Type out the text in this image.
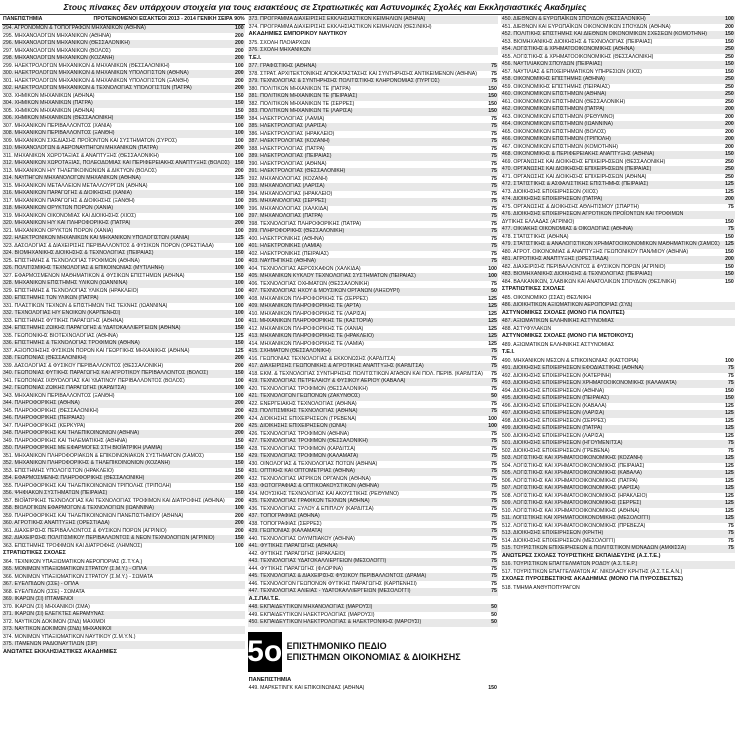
Στους πίνακες δεν υπάρχουν στοιχεία για τους εισακτέους σε Στρατιωτικές και Αστυνομικές Σχολές και Εκκλησιαστικές Ακαδημίες
ΠΑΝΕΠΙΣΤΗΜΙΑ	ΠΡΟΤΕΙΝΟΜΕΝΟΙ ΕΙΣΑΚΤΕΟΙ 2013 - 2014 ΓΕΝΙΚΗ ΣΕΙΡΑ 90%
294. ΑΓΡΟΝΟΜΩΝ & ΤΟΠΟΓΡΑΦΩΝ ΜΗΧΑΝΙΚΩΝ (ΑΘΗΝΑ)	100
295. ΜΗΧΑΝΟΛΟΓΩΝ ΜΗΧΑΝΙΚΩΝ (ΑΘΗΝΑ)	200
296. ΜΗΧΑΝΟΛΟΓΩΝ ΜΗΧΑΝΙΚΩΝ (ΘΕΣΣΑΛΟΝΙΚΗ)	200
297. ΜΗΧΑΝΟΛΟΓΩΝ ΜΗΧΑΝΙΚΩΝ (ΒΟΛΟΣ)	200
298. ΜΗΧΑΝΟΛΟΓΩΝ ΜΗΧΑΝΙΚΩΝ (ΚΟΖΑΝΗ)	200
299. ΗΛΕΚΤΡΟΛΟΓΩΝ ΜΗΧΑΝΙΚΩΝ & ΜΗΧΑΝΙΚΩΝ (ΘΕΣΣΑΛΟΝΙΚΗ)	100
300. ΗΛΕΚΤΡΟΛΟΓΩΝ ΜΗΧΑΝΙΚΩΝ & ΜΗΧΑΝΙΚΩΝ ΥΠΟΛΟΓΙΣΤΩΝ (ΑΘΗΝΑ)	200
301. ΗΛΕΚΤΡΟΛΟΓΩΝ ΜΗΧΑΝΙΚΩΝ & ΜΗΧΑΝΙΚΩΝ ΥΠΟΛΟΓΙΣΤΩΝ (ΞΑΝΘΗ)	200
302. ΗΛΕΚΤΡΟΛΟΓΩΝ ΜΗΧΑΝΙΚΩΝ & ΤΕΧΝΟΛΟΓΙΑΣ ΥΠΟΛΟΓΙΣΤΩΝ (ΠΑΤΡΑ)	200
303. ΧΗΜΙΚΩΝ ΜΗΧΑΝΙΚΩΝ (ΑΘΗΝΑ)	150
304. ΧΗΜΙΚΩΝ ΜΗΧΑΝΙΚΩΝ (ΠΑΤΡΑ)	150
305. ΧΗΜΙΚΩΝ ΜΗΧΑΝΙΚΩΝ (ΑΘΗΝΑ)	150
306. ΧΗΜΙΚΩΝ ΜΗΧΑΝΙΚΩΝ (ΘΕΣΣΑΛΟΝΙΚΗ)	150
307. ΜΗΧΑΝΙΚΩΝ ΠΕΡΙΒΑΛΛΟΝΤΟΣ (ΧΑΝΙΑ)	100
308. ΜΗΧΑΝΙΚΩΝ ΠΕΡΙΒΑΛΛΟΝΤΟΣ (ΞΑΝΘΗ)	100
309. ΜΗΧΑΝΙΚΩΝ ΣΧΕΔΙΑΣΗΣ ΠΡΟΪΟΝΤΩΝ ΚΑΙ ΣΥΣΤΗΜΑΤΩΝ (ΣΥΡΟΣ)	100
310. ΜΗΧΑΝΟΛΟΓΩΝ & ΑΕΡΟΝΑΥΠΗΓΩΝ ΜΗΧΑΝΙΚΩΝ (ΠΑΤΡΑ)	200
311. ΜΗΧΑΝΙΚΩΝ ΧΩΡΟΤΑΞΙΑΣ & ΑΝΑΠΤΥΞΗΣ (ΘΕΣΣΑΛΟΝΙΚΗ)	100
312. ΜΗΧΑΝΙΚΩΝ ΧΩΡΟΤΑΞΙΑΣ, ΠΟΛΕΟΔΟΜΙΑΣ ΚΑΙ ΠΕΡΙΦΕΡΕΙΑΚΗΣ ΑΝΑΠΤΥΞΗΣ (ΒΟΛΟΣ)	150
313. ΜΗΧΑΝΙΚΩΝ Η/Υ ΤΗΛΕΠΙΚΟΙΝΩΝΙΩΝ & ΔΙΚΤΥΩΝ (ΒΟΛΟΣ)	200
314. ΝΑΥΠΗΓΩΝ ΜΗΧΑΝΟΛΟΓΩΝ ΜΗΧΑΝΙΚΩΝ (ΑΘΗΝΑ)	125
315. ΜΗΧΑΝΙΚΩΝ ΜΕΤΑΛΛΕΙΩΝ ΜΕΤΑΛΛΟΥΡΓΩΝ (ΑΘΗΝΑ)	100
316. ΜΗΧΑΝΙΚΩΝ ΠΑΡΑΓΩΓΗΣ & ΔΙΟΙΚΗΣΗΣ (ΧΑΝΙΑ)	150
317. ΜΗΧΑΝΙΚΩΝ ΠΑΡΑΓΩΓΗΣ & ΔΙΟΙΚΗΣΗΣ (ΞΑΝΘΗ)	100
318. ΜΗΧΑΝΙΚΩΝ ΟΡΥΚΤΩΝ ΠΟΡΩΝ (ΧΑΝΙΑ)	100
319. ΜΗΧΑΝΙΚΩΝ ΟΙΚΟΝΟΜΙΑΣ ΚΑΙ ΔΙΟΙΚΗΣΗΣ (ΧΙΟΣ)	100
320. ΜΗΧΑΝΙΚΩΝ Η/Υ ΚΑΙ ΠΛΗΡΟΦΟΡΙΚΗΣ (ΠΑΤΡΑ)	200
321. ΜΗΧΑΝΙΚΩΝ ΟΡΥΚΤΩΝ ΠΟΡΩΝ (ΧΑΝΙΑ)	100
322. ΗΛΕΚΤΡΟΝΙΚΩΝ ΜΗΧΑΝΙΚΩΝ ΚΑΙ ΜΗΧΑΝΙΚΩΝ ΥΠΟΛΟΓΙΣΤΩΝ (ΧΑΝΙΑ)	125
323. ΔΑΣΟΛΟΓΙΑΣ & ΔΙΑΧΕΙΡΙΣΗΣ ΠΕΡΙΒΑΛΛΟΝΤΟΣ & ΦΥΣΙΚΩΝ ΠΟΡΩΝ (ΟΡΕΣΤΙΑΔΑ)	100
324. ΒΙΟΜΗΧΑΝΙΚΗΣ ΔΙΟΙΚΗΣΗΣ & ΤΕΧΝΟΛΟΓΙΑΣ (ΠΕΙΡΑΙΑΣ)	150
325. ΕΠΙΣΤΗΜΗΣ & ΤΕΧΝΟΛΟΓΙΑΣ ΤΡΟΦΙΜΩΝ (ΑΘΗΝΑ)	100
326. ΠΟΛΙΤΙΣΜΙΚΗΣ ΤΕΧΝΟΛΟΓΙΑΣ & ΕΠΙΚΟΙΝΩΝΙΑΣ (ΜΥΤΙΛΗΝΗ)	100
327. ΕΦΑΡΜΟΣΜΕΝΩΝ ΜΑΘΗΜΑΤΙΚΩΝ & ΦΥΣΙΚΩΝ ΕΠΙΣΤΗΜΩΝ (ΑΘΗΝΑ)	150
328. ΜΗΧΑΝΙΚΩΝ ΕΠΙΣΤΗΜΗΣ ΥΛΙΚΩΝ (ΙΩΑΝΝΙΝΑ)	100
329. ΕΠΙΣΤΗΜΗΣ & ΤΕΧΝΟΛΟΓΙΑΣ ΥΛΙΚΩΝ (ΗΡΑΚΛΕΙΟ)	100
330. ΕΠΙΣΤΗΜΗΣ ΤΩΝ ΥΛΙΚΩΝ (ΠΑΤΡΑ)	100
331. ΠΛΑΣΤΙΚΩΝ ΤΕΧΝΩΝ & ΕΠΙΣΤΗΜΩΝ ΤΗΣ ΤΕΧΝΗΣ (ΙΩΑΝΝΙΝΑ)	100
332. ΤΕΧΝΟΛΟΓΙΑΣ Η/Υ ΕΝΟΙΚΩΝ (ΚΑΡΠΕΝΗΣΙ)	100
333. ΕΠΙΣΤΗΜΗΣ ΦΥΤΙΚΗΣ ΠΑΡΑΓΩΓΗΣ (ΑΘΗΝΑ)	100
334. ΕΠΙΣΤΗΜΗΣ ΖΩΙΚΗΣ ΠΑΡΑΓΩΓΗΣ & ΥΔΑΤΟΚΑΛΛΙΕΡΓΕΙΩΝ (ΑΘΗΝΑ)	150
335. ΓΕΩΠΟΝΙΚΗΣ ΒΙΟΤΕΧΝΟΛΟΓΙΑΣ (ΑΘΗΝΑ)	125
336. ΕΠΙΣΤΗΜΗΣ & ΤΕΧΝΟΛΟΓΙΑΣ ΤΡΟΦΙΜΩΝ (ΑΘΗΝΑ)	150
337. ΑΞΙΟΠΟΙΗΣΗΣ ΦΥΣΙΚΩΝ ΠΟΡΩΝ ΚΑΙ ΓΕΩΡΓΙΚΗΣ ΜΗΧΑΝΙΚΗΣ (ΑΘΗΝΑ)	125
338. ΓΕΩΠΟΝΙΑΣ (ΘΕΣΣΑΛΟΝΙΚΗ)	200
339. ΔΑΣΟΛΟΓΙΑΣ & ΦΥΣΙΚΟΥ ΠΕΡΙΒΑΛΛΟΝΤΟΣ (ΘΕΣΣΑΛΟΝΙΚΗ)	200
340. ΓΕΩΠΟΝΙΑΣ ΦΥΤΙΚΗΣ ΠΑΡΑΓΩΓΗΣ ΚΑΙ ΑΓΡΟΤΙΚΟΥ ΠΕΡΙΒΑΛΛΟΝΤΟΣ (ΒΟΛΟΣ)	150
341. ΓΕΩΠΟΝΙΑΣ ΙΧΘΥΟΛΟΓΙΑΣ ΚΑΙ ΥΔΑΤΙΝΟΥ ΠΕΡΙΒΑΛΛΟΝΤΟΣ (ΒΟΛΟΣ)	100
342. ΓΕΩΠΟΝΙΑΣ ΖΩΙΚΗΣ ΠΑΡΑΓΩΓΗΣ (ΚΑΡΔΙΤΣΑ)	100
343. ΜΗΧΑΝΙΚΩΝ ΠΕΡΙΒΑΛΛΟΝΤΟΣ (ΞΑΝΘΗ)	100
344. ΠΛΗΡΟΦΟΡΙΚΗΣ (ΑΘΗΝΑ)	200
345. ΠΛΗΡΟΦΟΡΙΚΗΣ (ΘΕΣΣΑΛΟΝΙΚΗ)	200
346. ΠΛΗΡΟΦΟΡΙΚΗΣ (ΠΕΙΡΑΙΑΣ)	200
347. ΠΛΗΡΟΦΟΡΙΚΗΣ (ΚΕΡΚΥΡΑ)	200
348. ΠΛΗΡΟΦΟΡΙΚΗΣ ΚΑΙ ΤΗΛΕΠΙΚΟΙΝΩΝΙΩΝ (ΑΘΗΝΑ)	200
349. ΠΛΗΡΟΦΟΡΙΚΗΣ ΚΑΙ ΤΗΛΕΜΑΤΙΚΗΣ (ΑΘΗΝΑ)	150
350. ΠΛΗΡΟΦΟΡΙΚΗΣ ΜΕ ΕΦΑΡΜΟΓΕΣ ΣΤΗ ΒΙΟΪΑΤΡΙΚΗ (ΛΑΜΙΑ)	150
351. ΜΗΧΑΝΙΚΩΝ ΠΛΗΡΟΦΟΡΙΑΚΩΝ & ΕΠΙΚΟΙΝΩΝΙΑΚΩΝ ΣΥΣΤΗΜΑΤΩΝ (ΣΑΜΟΣ)	150
352. ΜΗΧΑΝΙΚΩΝ ΠΛΗΡΟΦΟΡΙΚΗΣ & ΤΗΛΕΠΙΚΟΙΝΩΝΙΩΝ (ΚΟΖΑΝΗ)	150
353. ΕΠΙΣΤΗΜΗΣ ΥΠΟΛΟΓΙΣΤΩΝ (ΗΡΑΚΛΕΙΟ)	150
354. ΕΦΑΡΜΟΣΜΕΝΗΣ ΠΛΗΡΟΦΟΡΙΚΗΣ (ΘΕΣΣΑΛΟΝΙΚΗ)	200
355. ΠΛΗΡΟΦΟΡΙΚΗΣ ΚΑΙ ΤΗΛΕΠΙΚΟΙΝΩΝΙΩΝ ΤΡΙΠΟΛΗΣ (ΤΡΙΠΟΛΗ)	150
356. ΨΗΦΙΑΚΩΝ ΣΥΣΤΗΜΑΤΩΝ (ΠΕΙΡΑΙΑΣ)	150
357. ΒΙΟΪΑΤΡΙΚΗΣ ΤΕΧΝΟΛΟΓΙΑΣ ΚΑΙ ΤΕΧΝΟΛΟΓΙΑΣ ΤΡΟΦΙΜΩΝ ΚΑΙ ΔΙΑΤΡΟΦΗΣ (ΑΘΗΝΑ)	200
358. ΒΙΟΛΟΓΙΚΩΝ ΕΦΑΡΜΟΓΩΝ & ΤΕΧΝΟΛΟΓΙΩΝ (ΙΩΑΝΝΙΝΑ)	100
359. ΠΛΗΡΟΦΟΡΙΚΗΣ ΚΑΙ ΤΗΛΕΠΙΚΟΙΝΩΝΙΩΝ ΠΑΝΕΠΙΣΤΗΜΙΟΥ (ΑΘΗΝΑ)	200
360. ΑΓΡΟΤΙΚΗΣ ΑΝΑΠΤΥΞΗΣ (ΟΡΕΣΤΙΑΔΑ)	200
361. ΔΙΑΧΕΙΡΙΣΗΣ ΠΕΡΙΒΑΛΛΟΝΤΟΣ & ΦΥΣΙΚΩΝ ΠΟΡΩΝ (ΑΓΡΙΝΙΟ)	200
362. ΔΙΑΧΕΙΡΙΣΗΣ ΠΟΛΙΤΙΣΜΙΚΟΥ ΠΕΡΙΒΑΛΛΟΝΤΟΣ & ΝΕΩΝ ΤΕΧΝΟΛΟΓΙΩΝ (ΑΓΡΙΝΙΟ)	150
363. ΕΠΙΣΤΗΜΗΣ ΤΡΟΦΙΜΩΝ ΚΑΙ ΔΙΑΤΡΟΦΗΣ (ΛΗΜΝΟΣ)	100
ΣΤΡΑΤΙΩΤΙΚΕΣ ΣΧΟΛΕΣ
364. ΤΕΧΝΙΚΩΝ ΥΠΑΞΙΩΜΑΤΙΚΩΝ ΑΕΡΟΠΟΡΙΑΣ (Σ.Τ.Υ.Α.)
365. ΜΟΝΙΜΩΝ ΥΠΑΞΙΩΜΑΤΙΚΩΝ ΣΤΡΑΤΟΥ (Σ.Μ.Υ.) - ΟΠΛΑ
366. ΜΟΝΙΜΩΝ ΥΠΑΞΙΩΜΑΤΙΚΩΝ ΣΤΡΑΤΟΥ (Σ.Μ.Υ.) - ΣΩΜΑΤΑ
367. ΕΥΕΛΠΙΔΩΝ (ΣΣΕ) - ΟΠΛΑ
368. ΕΥΕΛΠΙΔΩΝ (ΣΣΕ) - ΣΩΜΑΤΑ
369. ΙΚΑΡΩΝ (ΣΙ) ΙΠΤΑΜΕΝΟΙ
370. ΙΚΑΡΩΝ (ΣΙ) ΜΗΧΑΝΙΚΟΙ (ΣΜΑ)
371. ΙΚΑΡΩΝ (ΣΙ) ΕΛΕΓΚΤΕΣ ΑΕΡΑΜΥΝΑΣ
372. ΝΑΥΤΙΚΩΝ ΔΟΚΙΜΩΝ (ΣΝΔ) ΜΑΧΙΜΟΙ
373. ΝΑΥΤΙΚΩΝ ΔΟΚΙΜΩΝ (ΣΝΔ) ΜΗΧΑΝΙΚΟΙ
374. ΜΟΝΙΜΩΝ ΥΠΑΞΙΩΜΑΤΙΚΩΝ ΝΑΥΤΙΚΟΥ (Σ.Μ.Υ.Ν.)
375. ΙΤΑΜΕΝΩΝ ΡΑΔΙΟΝΑΥΤΙΛΩΝ (ΣΙΡ)
ΑΝΩΤΑΤΕΣ ΕΚΚΛΗΣΙΑΣΤΙΚΕΣ ΑΚΑΔΗΜΙΕΣ
373. ΠΡΟΓΡΑΜΜΑ ΔΙΑΧΕΙΡΙΣΗΣ ΕΚΚΛΗΣΙΑΣΤΙΚΩΝ ΚΕΙΜΗΛΙΩΝ (ΑΘΗΝΑ)
374. ΠΡΟΓΡΑΜΜΑ ΔΙΑΧΕΙΡΙΣΗΣ ΕΚΚΛΗΣΙΑΣΤΙΚΩΝ ΚΕΙΜΗΛΙΩΝ (ΘΕΣ/ΝΙΚΗ)
ΑΚΑΔΗΜΙΕΣ ΕΜΠΟΡΙΚΟΥ ΝΑΥΤΙΚΟΥ
375. ΣΧΟΛΗ ΠΛΟΙΑΡΧΩΝ
376. ΣΧΟΛΗ ΜΗΧΑΝΙΚΩΝ
Τ.Ε.Ι.
377. ΓΡΑΦΙΣΤΙΚΗΣ (ΑΘΗΝΑ)	75
378. ΣΤΡΑΤ. ΑΡΧΙΤΕΚΤΟΝΙΚΗΣ ΑΠΟΚΑΤΑΣΤΑΣΗΣ ΚΑΙ ΣΥΝΤΗΡΗΣΗΣ ΑΝΤΙΚΕΙΜΕΝΩΝ (ΑΘΗΝΑ)	75
379. ΤΕΧΝΟΛΟΓΙΑΣ & ΣΥΝΤΗΡΗΣΗΣ ΠΟΛΙΤΙΣΤΙΚΗΣ ΚΛΗΡΟΝΟΜΙΑΣ (ΠΥΡΓΟΣ)	75
380. ΠΟΛΙΤΙΚΩΝ ΜΗΧΑΝΙΚΩΝ ΤΕ (ΠΑΤΡΑ)	150
381. ΠΟΛΙΤΙΚΩΝ ΜΗΧΑΝΙΚΩΝ ΤΕ (ΠΕΙΡΑΙΑΣ)	150
382. ΠΟΛΙΤΙΚΩΝ ΜΗΧΑΝΙΚΩΝ ΤΕ (ΣΕΡΡΕΣ)	150
383. ΠΟΛΙΤΙΚΩΝ ΜΗΧΑΝΙΚΩΝ ΤΕ (ΛΑΡΙΣΑ)	150
384. ΗΛΕΚΤΡΟΛΟΓΙΑΣ (ΛΑΜΙΑ)	75
385. ΗΛΕΚΤΡΟΛΟΓΙΑΣ (ΛΑΡΙΣΑ)	75
386. ΗΛΕΚΤΡΟΛΟΓΙΑΣ (ΗΡΑΚΛΕΙΟ)	75
387. ΗΛΕΚΤΡΟΛΟΓΙΑΣ (ΚΟΖΑΝΗ)	75
388. ΗΛΕΚΤΡΟΛΟΓΙΑΣ (ΠΑΤΡΑ)	75
389. ΗΛΕΚΤΡΟΛΟΓΙΑΣ (ΠΕΙΡΑΙΑΣ)	75
390. ΗΛΕΚΤΡΟΛΟΓΙΑΣ (ΑΘΗΝΑ)	75
391. ΗΛΕΚΤΡΟΛΟΓΙΑΣ (ΘΕΣΣΑΛΟΝΙΚΗ)	75
392. ΜΗΧΑΝΟΛΟΓΙΑΣ (ΚΟΖΑΝΗ)	75
393. ΜΗΧΑΝΟΛΟΓΙΑΣ (ΛΑΡΙΣΑ)	75
394. ΜΗΧΑΝΟΛΟΓΙΑΣ (ΗΡΑΚΛΕΙΟ)	75
395. ΜΗΧΑΝΟΛΟΓΙΑΣ (ΣΕΡΡΕΣ)	75
396. ΜΗΧΑΝΟΛΟΓΙΑΣ (ΧΑΛΚΙΔΑ)	75
397. ΜΗΧΑΝΟΛΟΓΙΑΣ (ΠΑΤΡΑ)	75
398. ΤΕΧΝΟΛΟΓΙΑΣ ΠΛΗΡΟΦΟΡΙΚΗΣ (ΠΑΤΡΑ)	75
399. ΠΛΗΡΟΦΟΡΙΚΗΣ (ΘΕΣΣΑΛΟΝΙΚΗ)	75
400. ΗΛΕΚΤΡΟΝΙΚΗΣ (ΑΘΗΝΑ)	75
401. ΗΛΕΚΤΡΟΝΙΚΗΣ (ΛΑΜΙΑ)	75
402. ΗΛΕΚΤΡΟΝΙΚΗΣ (ΠΕΙΡΑΙΑΣ)	75
403. ΝΑΥΠΗΓΙΚΗΣ (ΑΘΗΝΑ)	75
404. ΤΕΧΝΟΛΟΓΙΑΣ ΑΕΡΟΣΚΑΦΩΝ (ΧΑΛΚΙΔΑ)	100
405. ΜΗΧΑΝΙΚΩΝ ΚΥΚΛΟΥ ΤΕΧΝΟΛΟΓΙΑΣ ΣΥΣΤΗΜΑΤΩΝ (ΠΕΙΡΑΙΑΣ)	100
406. ΤΕΧΝΟΛΟΓΙΑΣ ΟΧΗΜΑΤΩΝ (ΘΕΣΣΑΛΟΝΙΚΗ)	75
407. ΤΕΧΝΟΛΟΓΙΑΣ ΗΧΟΥ & ΜΟΥΣΙΚΩΝ ΟΡΓΑΝΩΝ (ΛΗΞΟΥΡΙ)	50
408. ΜΗΧΑΝΙΚΩΝ ΠΛΗΡΟΦΟΡΙΚΗΣ ΤΕ (ΣΕΡΡΕΣ)	125
409. ΜΗΧΑΝΙΚΩΝ ΠΛΗΡΟΦΟΡΙΚΗΣ ΤΕ (ΑΡΤΑ)	125
410. ΜΗΧΑΝΙΚΩΝ ΠΛΗΡΟΦΟΡΙΚΗΣ ΤΕ (ΛΑΡΙΣΑ)	125
411. ΜΗΧΑΝΙΚΩΝ ΠΛΗΡΟΦΟΡΙΚΗΣ ΤΕ (ΚΑΣΤΟΡΙΑ)	125
412. ΜΗΧΑΝΙΚΩΝ ΠΛΗΡΟΦΟΡΙΚΗΣ ΤΕ (ΧΑΝΙΑ)	125
413. ΜΗΧΑΝΙΚΩΝ ΠΛΗΡΟΦΟΡΙΚΗΣ ΤΕ (ΗΡΑΚΛΕΙΟ)	125
414. ΜΗΧΑΝΙΚΩΝ ΠΛΗΡΟΦΟΡΙΚΗΣ ΤΕ (ΛΑΜΙΑ)	125
415. ΣΧΗΜΑΤΩΝ (ΘΕΣΣΑΛΟΝΙΚΗ)	75
416. ΓΕΩΠΟΝΙΑΣ ΤΕΧΝΟΛΟΓΙΑΣ & ΕΚΚΟΝΩΣΗΣ (ΚΑΡΔΙΤΣΑ)	75
417. ΔΙΑΧΕΙΡΙΣΗΣ ΓΕΩΠΟΝΙΚΗΣ & ΑΓΡΟΤΙΚΗΣ ΑΝΑΠΤΥΞΗΣ (ΚΑΡΔΙΤΣΑ)	75
418. ΕΚΜ. & ΤΕΧΝΟΛΟΓΙΑΣ ΣΥΝΤΗΡΗΣΗΣ ΠΟΛΙΤΙΣΤΙΚΩΝ ΑΓΑΘΩΝ ΚΑΙ ΠΟΛ. ΠΕΡΙΒ. (ΚΑΡΔΙΤΣΑ)	75
419. ΤΕΧΝΟΛΟΓΙΑΣ ΠΕΤΡΕΛΑΙΟΥ & ΦΥΣΙΚΟΥ ΑΕΡΙΟΥ (ΚΑΒΑΛΑ)	75
420. ΤΕΧΝΟΛΟΓΙΑΣ ΤΡΟΦΙΜΩΝ (ΘΕΣΣΑΛΟΝΙΚΗ)	75
421. ΤΕΧΝΟΛΟΓΩΝ ΓΕΩΠΟΝΩΝ (ΖΑΚΥΝΘΟΣ)	50
422. ΕΝΕΡΓΕΙΑΚΗΣ ΤΕΧΝΟΛΟΓΙΑΣ (ΑΘΗΝΑ)	75
423. ΠΟΛΙΤΙΣΜΙΚΗΣ ΤΕΧΝΟΛΟΓΙΑΣ (ΑΘΗΝΑ)	75
424. ΔΙΟΙΚΗΣΗΣ ΕΠΙΧΕΙΡΗΣΕΩΝ (ΓΡΕΒΕΝΑ)	100
425. ΔΙΟΙΚΗΣΗΣ ΕΠΙΧΕΙΡΗΣΕΩΝ (ΙΩΝΙΑ)	100
426. ΤΕΧΝΟΛΟΓΙΑΣ ΤΡΟΦΙΜΩΝ (ΑΘΗΝΑ)	75
427. ΤΕΧΝΟΛΟΓΙΑΣ ΤΡΟΦΙΜΩΝ (ΘΕΣΣΑΛΟΝΙΚΗ)	75
428. ΤΕΧΝΟΛΟΓΙΑΣ ΤΡΟΦΙΜΩΝ (ΚΑΡΔΙΤΣΑ)	75
429. ΤΕΧΝΟΛΟΓΙΑΣ ΤΡΟΦΙΜΩΝ (ΚΑΛΑΜΑΤΑ)	75
430. ΟΙΝΟΛΟΓΙΑΣ & ΤΕΧΝΟΛΟΓΙΑΣ ΠΟΤΩΝ (ΑΘΗΝΑ)	75
431. ΟΠΤΙΚΗΣ ΚΑΙ ΟΠΤΟΜΕΤΡΙΑΣ (ΑΘΗΝΑ)	75
432. ΤΕΧΝΟΛΟΓΙΑΣ ΙΑΤΡΙΚΩΝ ΟΡΓΑΝΩΝ (ΑΘΗΝΑ)	75
433. ΦΩΤΟΓΡΑΦΙΑΣ & ΟΠΤΙΚΟΑΚΟΥΣΤΙΚΩΝ (ΑΘΗΝΑ)	75
434. ΜΟΥΣΙΚΗΣ ΤΕΧΝΟΛΟΓΙΑΣ ΚΑΙ ΑΚΟΥΣΤΙΚΗΣ (ΡΕΘΥΜΝΟ)	75
435. ΤΕΧΝΟΛΟΓΙΑΣ ΓΡΑΦΙΚΩΝ ΤΕΧΝΩΝ (ΑΘΗΝΑ)	75
436. ΤΕΧΝΟΛΟΓΙΑΣ ΞΥΛΟΥ & ΕΠΙΠΛΟΥ (ΚΑΡΔΙΤΣΑ)	75
437. ΤΟΠΟΓΡΑΦΙΑΣ (ΑΘΗΝΑ)	75
438. ΤΟΠΟΓΡΑΦΙΑΣ (ΣΕΡΡΕΣ)	75
439. ΓΕΩΠΟΝΙΑΣ (ΚΑΛΑΜΑΤΑ)	75
440. ΤΕΧΝΟΛΟΓΙΑΣ ΟΛΥΜΠΙΑΚΟΥ (ΑΘΗΝΑ)	75
441. ΦΥΤΙΚΗΣ ΠΑΡΑΓΩΓΗΣ (ΑΘΗΝΑ)	75
442. ΦΥΤΙΚΗΣ ΠΑΡΑΓΩΓΗΣ (ΗΡΑΚΛΕΙΟ)	75
443. ΤΕΧΝΟΛΟΓΙΑΣ ΥΔΑΤΟΚΑΛΛΙΕΡΓΕΙΩΝ (ΜΕΣΟΛΟΓΓΙ)	75
444. ΦΥΤΙΚΗΣ ΠΑΡΑΓΩΓΗΣ (ΦΛΩΡΙΝΑ)	75
445. ΤΕΧΝΟΛΟΓΙΑΣ & ΔΙΑΧΕΙΡΙΣΗΣ ΦΥΣΙΚΟΥ ΠΕΡΙΒΑΛΛΟΝΤΟΣ (ΔΡΑΜΑ)	75
446. ΤΕΧΝΟΛΟΓΩΝ ΓΕΩΠΟΝΩΝ ΦΥΤΙΚΗΣ ΠΑΡΑΓΩΓΗΣ (ΚΑΡΠΕΝΗΣΙ)	75
447. ΤΕΧΝΟΛΟΓΙΑΣ ΑΛΙΕΙΑΣ - ΥΔΑΤΟΚΑΛΛΙΕΡΓΕΙΩΝ (ΜΕΣΟΛΟΓΓΙ)	75
Α.Σ.ΠΑΙ.Τ.Ε.
448. ΕΚΠΑΙΔΕΥΤΙΚΩΝ ΜΗΧΑΝΟΛΟΓΙΑΣ (ΜΑΡΟΥΣΙ)	50
449. ΕΚΠΑΙΔΕΥΤΙΚΩΝ ΗΛΕΚΤΡΟΛΟΓΙΑΣ (ΜΑΡΟΥΣΙ)	50
450. ΕΚΠΑΙΔΕΥΤΙΚΩΝ ΗΛΕΚΤΡΟΛΟΓΙΑΣ & ΗΛΕΚΤΡΟΝΙΚΗΣ (ΜΑΡΟΥΣΙ)	50
5ο ΕΠΙΣΤΗΜΟΝΙΚΟ ΠΕΔΙΟ
ΕΠΙΣΤΗΜΩΝ ΟΙΚΟΝΟΜΙΑΣ & ΔΙΟΙΚΗΣΗΣ
ΠΑΝΕΠΙΣΤΗΜΙΑ
449. ΜΑΡΚΕΤΙΝΓΚ ΚΑΙ ΕΠΙΚΟΙΝΩΝΙΑΣ (ΑΘΗΝΑ)	150
450. ΔΙΕΘΝΩΝ & ΕΥΡΩΠΑΪΚΩΝ ΣΠΟΥΔΩΝ (ΘΕΣΣΑΛΟΝΙΚΗ)	100
451. ΔΙΕΘΝΩΝ ΚΑΙ ΕΥΡΩΠΑΪΚΩΝ ΟΙΚΟΝΟΜΙΚΩΝ ΣΠΟΥΔΩΝ (ΑΘΗΝΑ)	200
452. ΠΟΛΙΤΙΚΗΣ ΕΠΙΣΤΗΜΗΣ ΚΑΙ ΔΙΕΘΝΩΝ ΟΙΚΟΝΟΜΙΚΩΝ ΣΧΕΣΕΩΝ (ΚΟΜΟΤΗΝΗ)	150
453. ΒΙΟΜΗΧΑΝΙΚΗΣ ΔΙΟΙΚΗΣΗΣ & ΤΕΧΝΟΛΟΓΙΑΣ (ΠΕΙΡΑΙΑΣ)	150
454. ΛΟΓΙΣΤΙΚΗΣ & ΧΡΗΜΑΤΟΟΙΚΟΝΟΜΙΚΗΣ (ΑΘΗΝΑ)	250
455. ΛΟΓΙΣΤΙΚΗΣ & ΧΡΗΜΑΤΟΟΙΚΟΝΟΜΙΚΗΣ (ΘΕΣΣΑΛΟΝΙΚΗ)	250
456. ΝΑΥΤΙΛΙΑΚΩΝ ΣΠΟΥΔΩΝ (ΠΕΙΡΑΙΑΣ)	150
457. ΝΑΥΤΙΛΙΑΣ & ΕΠΙΧΕΙΡΗΜΑΤΙΚΩΝ ΥΠΗΡΕΣΙΩΝ (ΧΙΟΣ)	150
458. ΟΙΚΟΝΟΜΙΚΗΣ ΕΠΙΣΤΗΜΗΣ (ΑΘΗΝΑ)	250
459. ΟΙΚΟΝΟΜΙΚΗΣ ΕΠΙΣΤΗΜΗΣ (ΠΕΙΡΑΙΑΣ)	250
460. ΟΙΚΟΝΟΜΙΚΩΝ ΕΠΙΣΤΗΜΩΝ (ΑΘΗΝΑ)	250
461. ΟΙΚΟΝΟΜΙΚΩΝ ΕΠΙΣΤΗΜΩΝ (ΘΕΣΣΑΛΟΝΙΚΗ)	250
462. ΟΙΚΟΝΟΜΙΚΩΝ ΕΠΙΣΤΗΜΩΝ (ΠΑΤΡΑ)	200
463. ΟΙΚΟΝΟΜΙΚΩΝ ΕΠΙΣΤΗΜΩΝ (ΡΕΘΥΜΝΟ)	200
464. ΟΙΚΟΝΟΜΙΚΩΝ ΕΠΙΣΤΗΜΩΝ (ΙΩΑΝΝΙΝΑ)	200
465. ΟΙΚΟΝΟΜΙΚΩΝ ΕΠΙΣΤΗΜΩΝ (ΒΟΛΟΣ)	200
466. ΟΙΚΟΝΟΜΙΚΩΝ ΕΠΙΣΤΗΜΩΝ (ΤΡΙΠΟΛΗ)	200
467. ΟΙΚΟΝΟΜΙΚΩΝ ΕΠΙΣΤΗΜΩΝ (ΚΟΜΟΤΗΝΗ)	200
468. ΟΙΚΟΝΟΜΙΚΗΣ & ΠΕΡΙΦΕΡΕΙΑΚΗΣ ΑΝΑΠΤΥΞΗΣ (ΑΘΗΝΑ)	150
469. ΟΡΓΑΝΩΣΗΣ ΚΑΙ ΔΙΟΙΚΗΣΗΣ ΕΠΙΧΕΙΡΗΣΕΩΝ (ΘΕΣΣΑΛΟΝΙΚΗ)	250
470. ΟΡΓΑΝΩΣΗΣ ΚΑΙ ΔΙΟΙΚΗΣΗΣ ΕΠΙΧΕΙΡΗΣΕΩΝ (ΠΕΙΡΑΙΑΣ)	250
471. ΟΡΓΑΝΩΣΗΣ ΚΑΙ ΔΙΟΙΚΗΣΗΣ ΕΠΙΧΕΙΡΗΣΕΩΝ (ΑΘΗΝΑ)	250
472. ΣΤΑΤΙΣΤΙΚΗΣ & ΑΣΦΑΛΙΣΤΙΚΗΣ ΕΠΙΣΤΗΜΗΣ (ΠΕΙΡΑΙΑΣ)	125
473. ΔΙΟΙΚΗΣΗΣ ΕΠΙΧΕΙΡΗΣΕΩΝ (ΧΙΟΣ)	125
474. ΔΙΟΙΚΗΣΗΣ ΕΠΙΧΕΙΡΗΣΕΩΝ (ΠΑΤΡΑ)	200
475. ΟΡΓΑΝΩΣΗΣ & ΔΙΟΙΚΗΣΗΣ ΑΘΛΗΤΙΣΜΟΥ (ΣΠΑΡΤΗ)	75
476. ΔΙΟΙΚΗΣΗΣ ΕΠΙΧΕΙΡΗΣΕΩΝ ΑΓΡΟΤΙΚΩΝ ΠΡΟΪΟΝΤΩΝ ΚΑΙ ΤΡΟΦΙΜΩΝ
ΔΥΤΙΚΗΣ ΕΛΛΑΔΑΣ (ΑΓΡΙΝΙΟ)	150
477. ΟΙΚΙΑΚΗΣ ΟΙΚΟΝΟΜΙΑΣ & ΟΙΚΟΛΟΓΙΑΣ (ΑΘΗΝΑ)	75
478. ΣΤΑΤΙΣΤΙΚΗΣ (ΑΘΗΝΑ)	150
479. ΣΤΑΤΙΣΤΙΚΗΣ & ΑΝΑΛΟΓΙΣΤΙΚΩΝ ΧΡΗΜΑΤΟΟΙΚΟΝΟΜΙΚΩΝ ΜΑΘΗΜΑΤΙΚΩΝ (ΣΑΜΟΣ)	125
480. ΑΓΡΟΤ. ΟΙΚΟΝΟΜΙΑΣ & ΑΝΑΠΤΥΞΗΣ ΓΕΩΠΟΝΙΚΟΥ ΠΑΝ/ΜΙΟΥ (ΑΘΗΝΑ)	150
481. ΑΓΡΟΤΙΚΗΣ ΑΝΑΠΤΥΞΗΣ (ΟΡΕΣΤΙΑΔΑ)	200
482. ΔΙΑΧΕΙΡΙΣΗΣ ΠΕΡΙΒΑΛΛΟΝΤΟΣ & ΦΥΣΙΚΩΝ ΠΟΡΩΝ (ΑΓΡΙΝΙΟ)	150
483. ΒΙΟΜΗΧΑΝΙΚΗΣ ΔΙΟΙΚΗΣΗΣ & ΤΕΧΝΟΛΟΓΙΑΣ (ΠΕΙΡΑΙΑΣ)	150
484. ΒΑΛΚΑΝΙΚΩΝ, ΣΛΑΒΙΚΩΝ ΚΑΙ ΑΝΑΤΟΛΙΚΩΝ ΣΠΟΥΔΩΝ (ΘΕΣ/ΝΙΚΗ)	150
ΣΤΡΑΤΙΩΤΙΚΕΣ ΣΧΟΛΕΣ
485. ΟΙΚΟΝΟΜΙΚΟ (ΣΣΑΣ) ΘΕΣ/ΝΙΚΗ
486. ΔΙΟΙΚΗΤΙΚΩΝ ΑΞΙΩΜΑΤΙΚΩΝ ΑΕΡΟΠΟΡΙΑΣ (ΣΥΔ)
ΑΣΤΥΝΟΜΙΚΕΣ ΣΧΟΛΕΣ (ΜΟΝΟ ΓΙΑ ΠΟΛΙΤΕΣ)
487. ΑΞΙΩΜΑΤΙΚΩΝ ΕΛΛΗΝΙΚΗΣ ΑΣΤΥΝΟΜΙΑΣ
488. ΑΣΤΥΦΥΛΑΚΩΝ
ΑΣΤΥΝΟΜΙΚΕΣ ΣΧΟΛΕΣ (ΜΟΝΟ ΓΙΑ ΜΕΤΟΙΚΟΥΣ)
489. ΑΞΙΩΜΑΤΙΚΩΝ ΕΛΛΗΝΙΚΗΣ ΑΣΤΥΝΟΜΙΑΣ
Τ.Ε.Ι.
490. ΜΗΧΑΝΙΚΩΝ ΜΕΣΩΝ & ΕΠΙΚΟΙΝΩΝΙΑΣ (ΚΑΣΤΟΡΙΑ)	100
491. ΔΙΟΙΚΗΣΗΣ ΕΠΙΧΕΙΡΗΣΕΩΝ ΕΦΟΔΙΑΣΤΙΚΗΣ (ΑΘΗΝΑ)	75
492. ΔΙΟΙΚΗΣΗΣ ΕΠΙΧΕΙΡΗΣΕΩΝ (ΚΑΤΕΡΙΝΗ)	75
493. ΔΙΟΙΚΗΣΗΣ ΕΠΙΧΕΙΡΗΣΕΩΝ ΧΡΗΜΑΤΟΟΙΚΟΝΟΜΙΚΗΣ (ΚΑΛΑΜΑΤΑ)	75
494. ΔΙΟΙΚΗΣΗΣ ΕΠΙΧΕΙΡΗΣΕΩΝ (ΑΘΗΝΑ)	150
495. ΔΙΟΙΚΗΣΗΣ ΕΠΙΧΕΙΡΗΣΕΩΝ (ΠΕΙΡΑΙΑΣ)	150
496. ΔΙΟΙΚΗΣΗΣ ΕΠΙΧΕΙΡΗΣΕΩΝ (ΚΑΒΑΛΑ)	125
497. ΔΙΟΙΚΗΣΗΣ ΕΠΙΧΕΙΡΗΣΕΩΝ (ΛΑΡΙΣΑ)	125
498. ΔΙΟΙΚΗΣΗΣ ΕΠΙΧΕΙΡΗΣΕΩΝ (ΣΕΡΡΕΣ)	125
499. ΔΙΟΙΚΗΣΗΣ ΕΠΙΧΕΙΡΗΣΕΩΝ (ΠΑΤΡΑ)	125
500. ΔΙΟΙΚΗΣΗΣ ΕΠΙΧΕΙΡΗΣΕΩΝ (ΛΑΡΙΣΑ)	125
501. ΔΙΟΙΚΗΣΗΣ ΕΠΙΧΕΙΡΗΣΕΩΝ (ΗΓΟΥΜΕΝΙΤΣΑ)	75
502. ΔΙΟΙΚΗΣΗΣ ΕΠΙΧΕΙΡΗΣΕΩΝ (ΓΡΕΒΕΝΑ)	75
503. ΛΟΓΙΣΤΙΚΗΣ ΚΑΙ ΧΡΗΜΑΤΟΟΙΚΟΝΟΜΙΚΗΣ (ΚΟΖΑΝΗ)	125
504. ΛΟΓΙΣΤΙΚΗΣ ΚΑΙ ΧΡΗΜΑΤΟΟΙΚΟΝΟΜΙΚΗΣ (ΠΕΙΡΑΙΑΣ)	125
505. ΛΟΓΙΣΤΙΚΗΣ ΚΑΙ ΧΡΗΜΑΤΟΟΙΚΟΝΟΜΙΚΗΣ (ΚΑΒΑΛΑ)	125
506. ΛΟΓΙΣΤΙΚΗΣ ΚΑΙ ΧΡΗΜΑΤΟΟΙΚΟΝΟΜΙΚΗΣ (ΠΑΤΡΑ)	125
507. ΛΟΓΙΣΤΙΚΗΣ ΚΑΙ ΧΡΗΜΑΤΟΟΙΚΟΝΟΜΙΚΗΣ (ΛΑΡΙΣΑ)	125
508. ΛΟΓΙΣΤΙΚΗΣ ΚΑΙ ΧΡΗΜΑΤΟΟΙΚΟΝΟΜΙΚΗΣ (ΗΡΑΚΛΕΙΟ)	125
509. ΛΟΓΙΣΤΙΚΗΣ ΚΑΙ ΧΡΗΜΑΤΟΟΙΚΟΝΟΜΙΚΗΣ (ΣΕΡΡΕΣ)	125
510. ΛΟΓΙΣΤΙΚΗΣ ΚΑΙ ΧΡΗΜΑΤΟΟΙΚΟΝΟΜΙΚΗΣ (ΑΘΗΝΑ)	125
511. ΛΟΓΙΣΤΙΚΗΣ ΚΑΙ ΧΡΗΜΑΤΟΟΙΚΟΝΟΜΙΚΗΣ (ΜΕΣΟΛΟΓΓΙ)	125
512. ΛΟΓΙΣΤΙΚΗΣ ΚΑΙ ΧΡΗΜΑΤΟΟΙΚΟΝΟΜΙΚΗΣ (ΠΡΕΒΕΖΑ)	75
513. ΔΙΟΙΚΗΣΗΣ ΕΠΙΧΕΙΡΗΣΕΩΝ (ΚΡΗΤΗ)	75
514. ΔΙΟΙΚΗΣΗΣ ΕΠΙΧΕΙΡΗΣΕΩΝ (ΜΕΣΟΛΟΓΓΙ)	75
515. ΤΟΥΡΙΣΤΙΚΩΝ ΕΠΙΧΕΙΡΗΣΕΩΝ & ΠΟΛΙΤΙΣΤΙΚΟΝ ΜΟΝΑΔΩΝ (ΑΜΦΙΣΣΑ)	75
ΑΝΩΤΕΡΕΣ ΣΧΟΛΕΣ ΤΟΥΡΙΣΤΙΚΗΣ ΕΚΠΑΙΔΕΥΣΗΣ (Α.Σ.Τ.Ε.)
516. ΤΟΥΡΙΣΤΙΚΩΝ ΕΠΑΓΓΕΛΜΑΤΩΝ ΡΟΔΟΥ (Α.Σ.Τ.Ε.Ρ.)
517. ΤΟΥΡΙΣΤΙΚΩΝ ΕΠΑΓΓΕΛΜΑΤΩΝ ΑΓ. ΝΙΚΟΛΑΟΥ ΚΡΗΤΗΣ (Α.Σ.Τ.Ε.Α.Ν.)
ΣΧΟΛΕΣ ΠΥΡΟΣΒΕΣΤΙΚΗΣ ΑΚΑΔΗΜΙΑΣ (ΜΟΝΟ ΓΙΑ ΠΥΡΟΣΒΕΣΤΕΣ)
518. ΤΜΗΜΑ ΑΝΘΥΠΟΠΥΡΑΓΩΝ
